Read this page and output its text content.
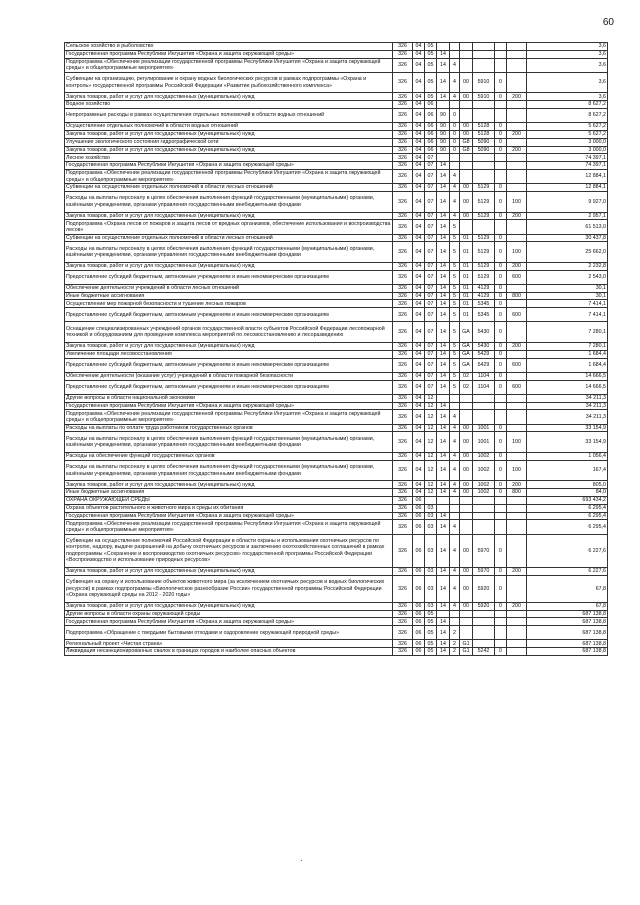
60
Сельское хозяйство и рыболовство	326	04	05							3,6
Государственная программа Республики Ингушетия «Охрана и защита окружающей среды»	326	04	05	14						3,6
Подпрограмма «Обеспечение реализации государственной программы Республики Ингушетия «Охрана и защита окружающей среды» и общепрограммные мероприятия»	326	04	05	14	4					3,6
Субвенции на организацию, регулирование и охрану водных биологических ресурсов в рамках подпрограммы «Охрана и контроль» государственной программы Российской Федерации «Развитие рыбохозяйственного комплекса»	326	04	05	14	4	00	5910	0		3,6
Закупка товаров, работ и услуг для государственных (муниципальных) нужд	326	04	05	14	4	00	5910	0	200	3,6
Водное хозяйство	326	04	06							8 627,2
Непрограммные расходы в рамках осуществления отдельных полномочий в области водных отношений	326	04	06	90	0					8 627,2
Осуществление отдельных полномочий в области водных отношений	326	04	06	90	0	00	5128	0		5 627,2
Закупка товаров, работ и услуг для государственных (муниципальных) нужд	326	04	06	90	0	00	5128	0	200	5 627,2
Улучшение экологического состояния гидрографической сети	326	04	06	90	0	G8	5090	0		3 000,0
Закупка товаров, работ и услуг для государственных (муниципальных) нужд	326	04	06	90	0	G8	5090	0	200	3 000,0
Лесное хозяйство	326	04	07							74 397,1
Государственная программа Республики Ингушетия «Охрана и защита окружающей среды»	326	04	07	14						74 397,1
Подпрограмма «Обеспечение реализации государственной программы Республики Ингушетия «Охрана и защита окружающей среды» и общепрограммные мероприятия»	326	04	07	14	4					12 884,1
Субвенции на осуществление отдельных полномочий в области лесных отношений	326	04	07	14	4	00	5129	0		12 884,1
Расходы на выплаты персоналу в целях обеспечения выполнения функций государственными (муниципальными) органами, казёнными учреждениями, органами управления государственными внебюджетными фондами	326	04	07	14	4	00	5129	0	100	9 927,0
Закупка товаров, работ и услуг для государственных (муниципальных) нужд	326	04	07	14	4	00	5129	0	200	2 957,1
Подпрограмма «Охрана лесов от пожаров и защита лесов от вредных организмов, обеспечение использования и воспроизводства лесов»	326	04	07	14	5					61 513,0
Субвенции на осуществление отдельных полномочий в области лесных отношений	326	04	07	14	5	01	5129	0		30 437,8
Расходы на выплаты персоналу в целях обеспечения выполнения функций государственными (муниципальными) органами, казёнными учреждениями, органами управления государственными внебюджетными фондами	326	04	07	14	5	01	5129	0	100	25 662,0
Закупка товаров, работ и услуг для государственных (муниципальных) нужд	326	04	07	14	5	01	5129	0	200	2 232,8
Предоставление субсидий бюджетным, автономным учреждениям и иным некоммерческим организациям	326	04	07	14	5	01	5129	0	600	2 543,0
Обеспечение деятельности учреждений в области лесных отношений	326	04	07	14	5	01	4129	0		30,1
Иные бюджетные ассигнования	326	04	07	14	5	01	4129	0	800	30,1
Осуществление мер пожарной безопасности и тушение лесных пожаров	326	04	07	14	5	01	5345	0		7 414,1
Предоставление субсидий бюджетным, автономным учреждениям и иным некоммерческим организациям	326	04	07	14	5	01	5345	0	600	7 414,1
Оснащение специализированных учреждений органов государственной власти субъектов Российской Федерации лесопожарной техникой и оборудованием для проведения комплекса мероприятий по лесовосстановлению и лесоразведению	326	04	07	14	5	GA	5430	0		7 280,1
Закупка товаров, работ и услуг для государственных (муниципальных) нужд	326	04	07	14	5	GA	5430	0	200	7 280,1
Увеличение площади лесовосстановления	326	04	07	14	5	GA	5429	0		1 684,4
Предоставление субсидий бюджетным, автономным учреждениям и иным некоммерческим организациям	326	04	07	14	5	GA	5429	0	600	1 684,4
Обеспечение деятельности (оказание услуг) учреждений в области пожарной безопасности	326	04	07	14	5	02	1104	0		14 666,5
Предоставление субсидий бюджетным, автономным учреждениям и иным некоммерческим организациям	326	04	07	14	5	02	1104	0	600	14 666,5
Другие вопросы в области национальной экономики	326	04	12							34 211,3
Государственная программа Республики Ингушетия «Охрана и защита окружающей среды»	326	04	12	14						34 211,3
Подпрограмма «Обеспечение реализации государственной программы Республики Ингушетия «Охрана и защита окружающей среды» и общепрограммные мероприятия»	326	04	12	14	4					34 211,3
Расходы на выплаты по оплате труда работников государственных органов	326	04	12	14	4	00	1001	0		33 154,9
Расходы на выплаты персоналу в целях обеспечения выполнения функций государственными (муниципальными) органами, казёнными учреждениями, органами управления государственными внебюджетными фондами	326	04	12	14	4	00	1001	0	100	33 154,9
Расходы на обеспечение функций государственных органов	326	04	12	14	4	00	1002	0		1 056,4
Расходы на выплаты персоналу в целях обеспечения выполнения функций государственными (муниципальными) органами, казёнными учреждениями, органами управления государственными внебюджетными фондами	326	04	12	14	4	00	1002	0	100	167,4
Закупка товаров, работ и услуг для государственных (муниципальных) нужд	326	04	12	14	4	00	1002	0	200	805,0
Иные бюджетные ассигнования	326	04	12	14	4	00	1002	0	800	84,0
ОХРАНА ОКРУЖАЮЩЕЙ СРЕДЫ	326	06								693 434,2
Охрана объектов растительного и животного мира и среды их обитания	326	06	03							6 295,4
Государственная программа Республики Ингушетия «Охрана и защита окружающей среды»	326	06	03	14						6 295,4
Подпрограмма «Обеспечение реализации государственной программы Республики Ингушетия «Охрана и защита окружающей среды» и общепрограммные мероприятия»	326	06	03	14	4					6 295,4
Субвенции на осуществление полномочий Российской Федерации в области охраны и использования охотничьих ресурсов по контролю, надзору, выдаче разрешений на добычу охотничьих ресурсов и заключению охотхозяйственных соглашений в рамках подпрограммы «Сохранение и воспроизводство охотничьих ресурсов» государственной программы Российской Федерации «Воспроизводство и использование природных ресурсов»	326	06	03	14	4	00	5970	0		6 227,6
Закупка товаров, работ и услуг для государственных (муниципальных) нужд	326	06	03	14	4	00	5970	0	200	6 227,6
Субвенция на охрану и использование объектов животного мира (за исключением охотничьих ресурсов и водных биологических ресурсов) в рамках подпрограммы «Биологическое разнообразие России» государственной программы Российской Федерации «Охрана окружающей среды на 2012 - 2020 годы»	326	06	03	14	4	00	5920	0		67,8
Закупка товаров, работ и услуг для государственных (муниципальных) нужд	326	06	03	14	4	00	5920	0	200	67,8
Другие вопросы в области охраны окружающей среды	326	06	05							687 138,8
Государственная программа Республики Ингушетия «Охрана и защита окружающей среды»	326	06	05	14						687 138,8
Подпрограмма «Обращение с твердыми бытовыми отходами и оздоровление окружающей природной среды»	326	06	05	14	2					687 138,8
Региональный проект «Чистая страна»	326	06	05	14	2	G1				687 138,8
Ликвидация несанкционированных свалок в границах городов и наиболее опасных объектов	326	06	05	14	2	G1	5242	0		687 138,8
·
